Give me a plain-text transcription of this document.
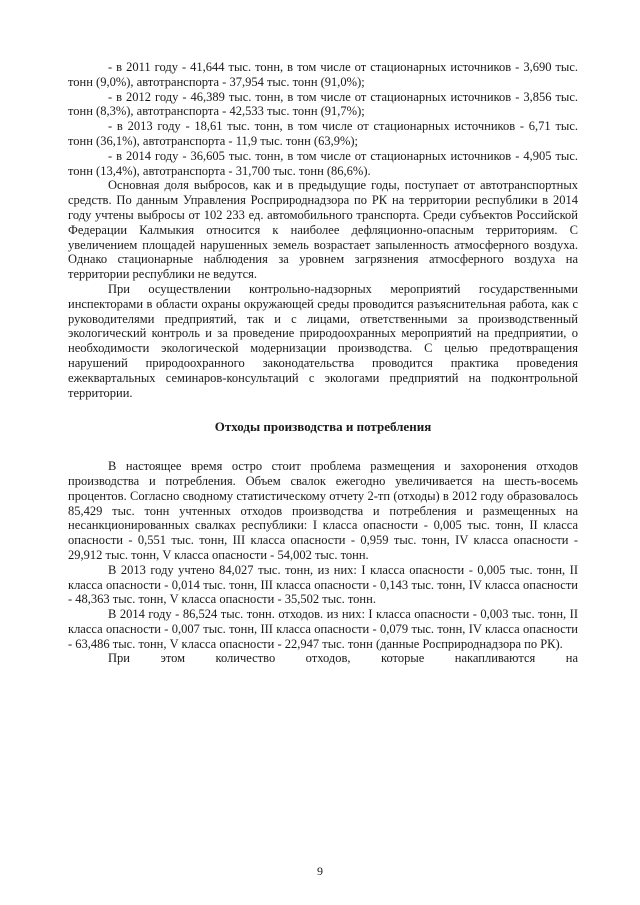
- в 2011 году - 41,644 тыс. тонн, в том числе от стационарных источников - 3,690 тыс. тонн (9,0%), автотранспорта - 37,954 тыс. тонн (91,0%);

- в 2012 году - 46,389 тыс. тонн, в том числе от стационарных источников - 3,856 тыс. тонн (8,3%), автотранспорта - 42,533 тыс. тонн (91,7%);

- в 2013 году - 18,61 тыс. тонн, в том числе от стационарных источников - 6,71 тыс. тонн (36,1%), автотранспорта - 11,9 тыс. тонн (63,9%);

- в 2014 году - 36,605 тыс. тонн, в том числе от стационарных источников - 4,905 тыс. тонн (13,4%), автотранспорта - 31,700 тыс. тонн (86,6%).

Основная доля выбросов, как и в предыдущие годы, поступает от автотранспортных средств. По данным Управления Росприроднадзора по РК на территории республики в 2014 году учтены выбросы от 102 233 ед. автомобильного транспорта. Среди субъектов Российской Федерации Калмыкия относится к наиболее дефляционно-опасным территориям. С увеличением площадей нарушенных земель возрастает запыленность атмосферного воздуха. Однако стационарные наблюдения за уровнем загрязнения атмосферного воздуха на территории республики не ведутся.

При осуществлении контрольно-надзорных мероприятий государственными инспекторами в области охраны окружающей среды проводится разъяснительная работа, как с руководителями предприятий, так и с лицами, ответственными за производственный экологический контроль и за проведение природоохранных мероприятий на предприятии, о необходимости экологической модернизации производства. С целью предотвращения нарушений природоохранного законодательства проводится практика проведения ежеквартальных семинаров-консультаций с экологами предприятий на подконтрольной территории.

Отходы производства и потребления

В настоящее время остро стоит проблема размещения и захоронения отходов производства и потребления. Объем свалок ежегодно увеличивается на шесть-восемь процентов. Согласно сводному статистическому отчету 2-тп (отходы) в 2012 году образовалось 85,429 тыс. тонн учтенных отходов производства и потребления и размещенных на несанкционированных свалках республики: I класса опасности - 0,005 тыс. тонн, II класса опасности - 0,551 тыс. тонн, III класса опасности - 0,959 тыс. тонн, IV класса опасности - 29,912 тыс. тонн, V класса опасности - 54,002 тыс. тонн.

В 2013 году учтено 84,027 тыс. тонн, из них: I класса опасности - 0,005 тыс. тонн, II класса опасности - 0,014 тыс. тонн, III класса опасности - 0,143 тыс. тонн, IV класса опасности - 48,363 тыс. тонн, V класса опасности - 35,502 тыс. тонн.

В 2014 году - 86,524 тыс. тонн. отходов. из них: I класса опасности - 0,003 тыс. тонн, II класса опасности - 0,007 тыс. тонн, III класса опасности - 0,079 тыс. тонн, IV класса опасности - 63,486 тыс. тонн, V класса опасности - 22,947 тыс. тонн (данные Росприроднадзора по РК).

При этом количество отходов, которые накапливаются на

9
